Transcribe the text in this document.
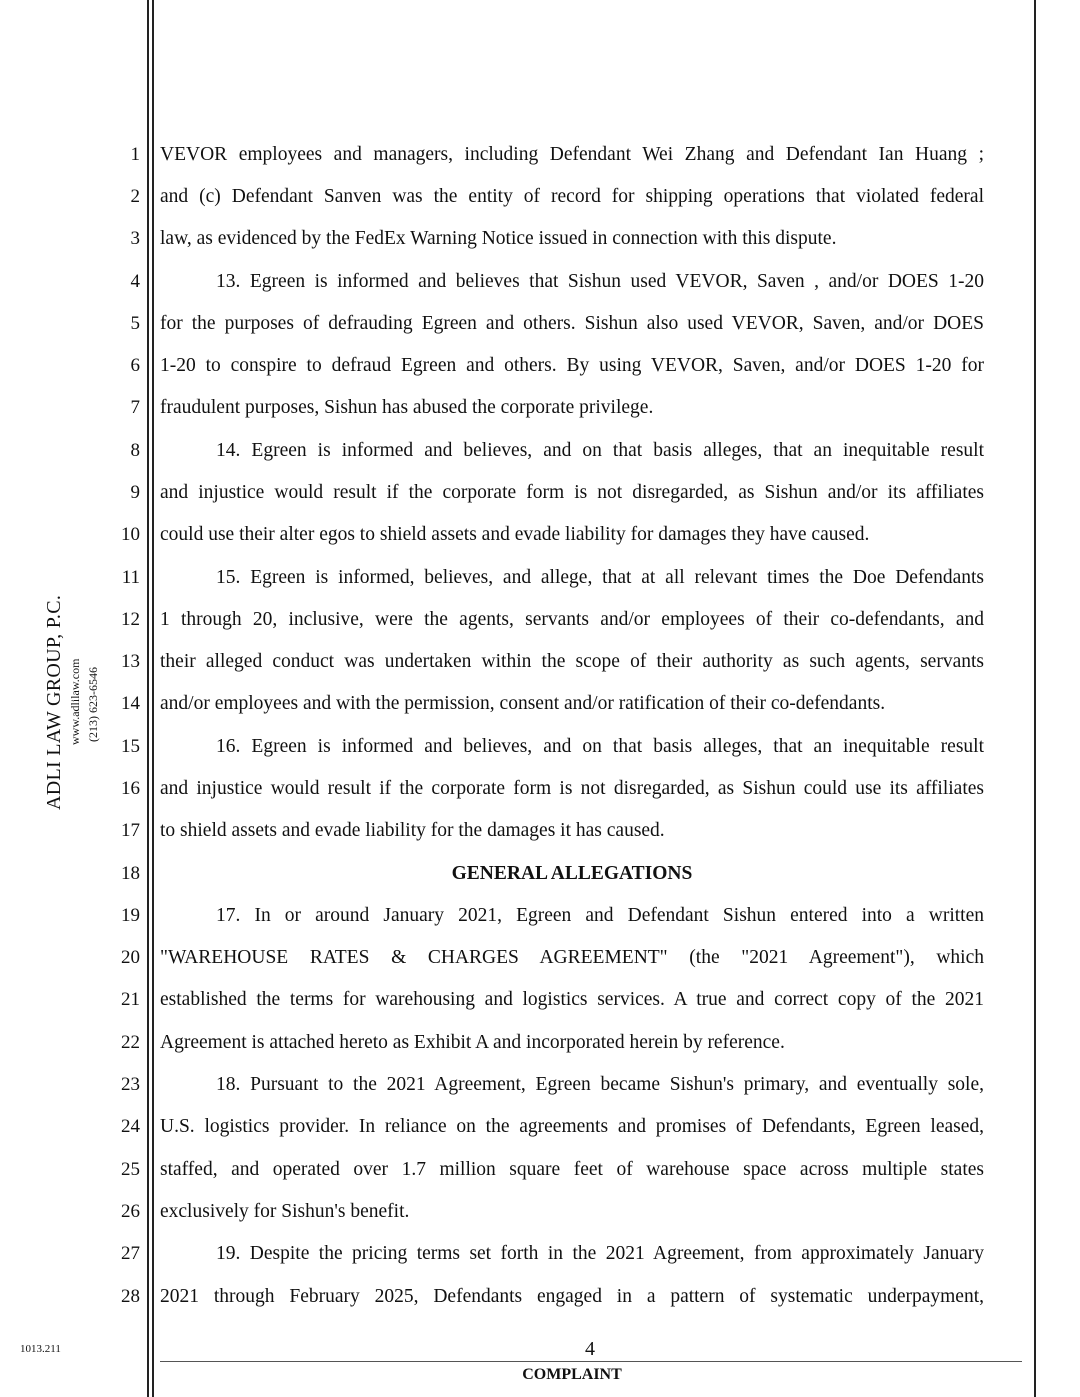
ADLI LAW GROUP, P.C. www.adlilaw.com (213) 623-6546
1
2
3
4
5
6
7
8
9
10
11
12
13
14
15
16
17
18
19
20
21
22
23
24
25
26
27
28
VEVOR employees and managers, including Defendant Wei Zhang and Defendant Ian Huang ;
and (c) Defendant Sanven was the entity of record for shipping operations that violated federal
law, as evidenced by the FedEx Warning Notice issued in connection with this dispute.
13. Egreen is informed and believes that Sishun used VEVOR, Saven , and/or DOES 1-20
for the purposes of defrauding Egreen and others. Sishun also used VEVOR, Saven, and/or DOES
1-20 to conspire to defraud Egreen and others. By using VEVOR, Saven, and/or DOES 1-20 for
fraudulent purposes, Sishun has abused the corporate privilege.
14. Egreen is informed and believes, and on that basis alleges, that an inequitable result
and injustice would result if the corporate form is not disregarded, as Sishun and/or its affiliates
could use their alter egos to shield assets and evade liability for damages they have caused.
15. Egreen is informed, believes, and allege, that at all relevant times the Doe Defendants
1 through 20, inclusive, were the agents, servants and/or employees of their co-defendants, and
their alleged conduct was undertaken within the scope of their authority as such agents, servants
and/or employees and with the permission, consent and/or ratification of their co-defendants.
16. Egreen is informed and believes, and on that basis alleges, that an inequitable result
and injustice would result if the corporate form is not disregarded, as Sishun could use its affiliates
to shield assets and evade liability for the damages it has caused.
GENERAL ALLEGATIONS
17. In or around January 2021, Egreen and Defendant Sishun entered into a written
"WAREHOUSE RATES & CHARGES AGREEMENT" (the "2021 Agreement"), which
established the terms for warehousing and logistics services. A true and correct copy of the 2021
Agreement is attached hereto as Exhibit A and incorporated herein by reference.
18. Pursuant to the 2021 Agreement, Egreen became Sishun's primary, and eventually sole,
U.S. logistics provider. In reliance on the agreements and promises of Defendants, Egreen leased,
staffed, and operated over 1.7 million square feet of warehouse space across multiple states
exclusively for Sishun's benefit.
19. Despite the pricing terms set forth in the 2021 Agreement, from approximately January
2021 through February 2025, Defendants engaged in a pattern of systematic underpayment,
1013.211	4
COMPLAINT
